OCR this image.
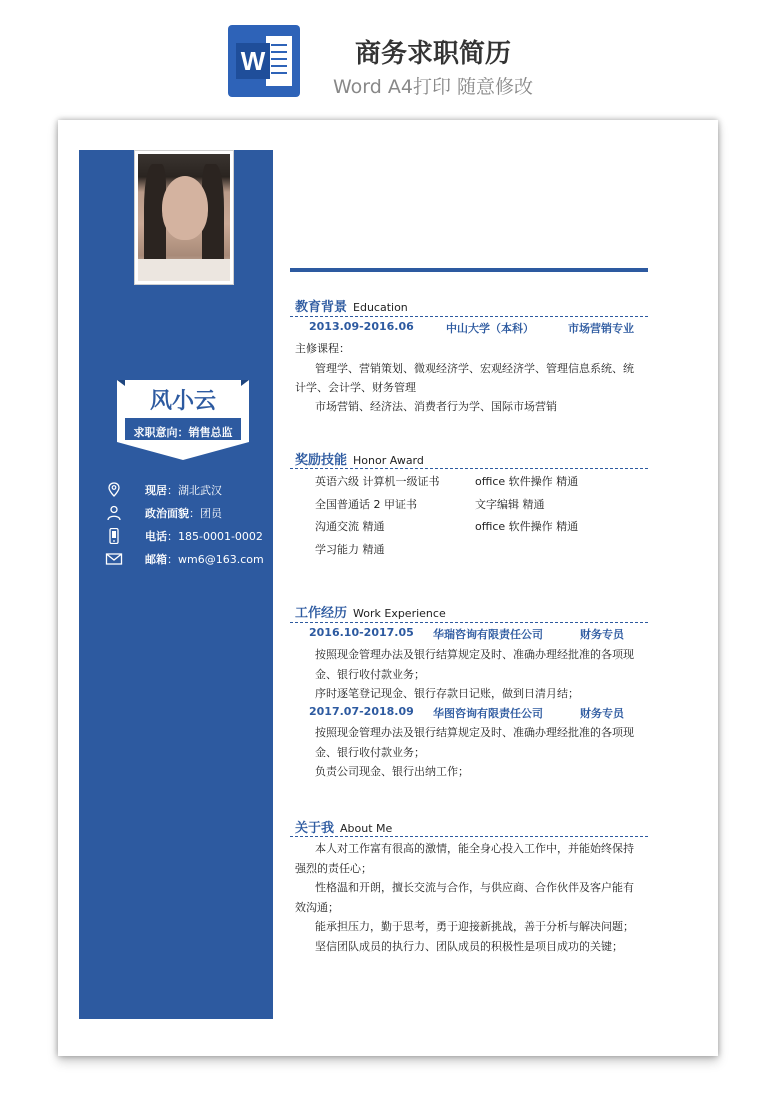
W	商务求职简历
Word A4打印 随意修改
风小云
求职意向：销售总监
现居：湖北武汉
政治面貌：团员
电话：185-0001-0002
邮箱：wm6@163.com
教育背景 Education
2013.09-2016.06	中山大学（本科）	市场营销专业
主修课程：
管理学、营销策划、微观经济学、宏观经济学、管理信息系统、统
计学、会计学、财务管理
市场营销、经济法、消费者行为学、国际市场营销
奖励技能 Honor Award
英语六级 计算机一级证书	office 软件操作 精通
全国普通话 2 甲证书	文字编辑 精通
沟通交流 精通	office 软件操作 精通
学习能力 精通
工作经历 Work Experience
2016.10-2017.05 华瑞咨询有限责任公司	财务专员
按照现金管理办法及银行结算规定及时、准确办理经批准的各项现
金、银行收付款业务；
序时逐笔登记现金、银行存款日记账，做到日清月结；
2017.07-2018.09 华图咨询有限责任公司	财务专员
按照现金管理办法及银行结算规定及时、准确办理经批准的各项现
金、银行收付款业务；
负责公司现金、银行出纳工作；
关于我 About Me
本人对工作富有很高的激情，能全身心投入工作中，并能始终保持
强烈的责任心；
性格温和开朗，擅长交流与合作，与供应商、合作伙伴及客户能有
效沟通；
能承担压力，勤于思考，勇于迎接新挑战，善于分析与解决问题；
坚信团队成员的执行力、团队成员的积极性是项目成功的关键；
